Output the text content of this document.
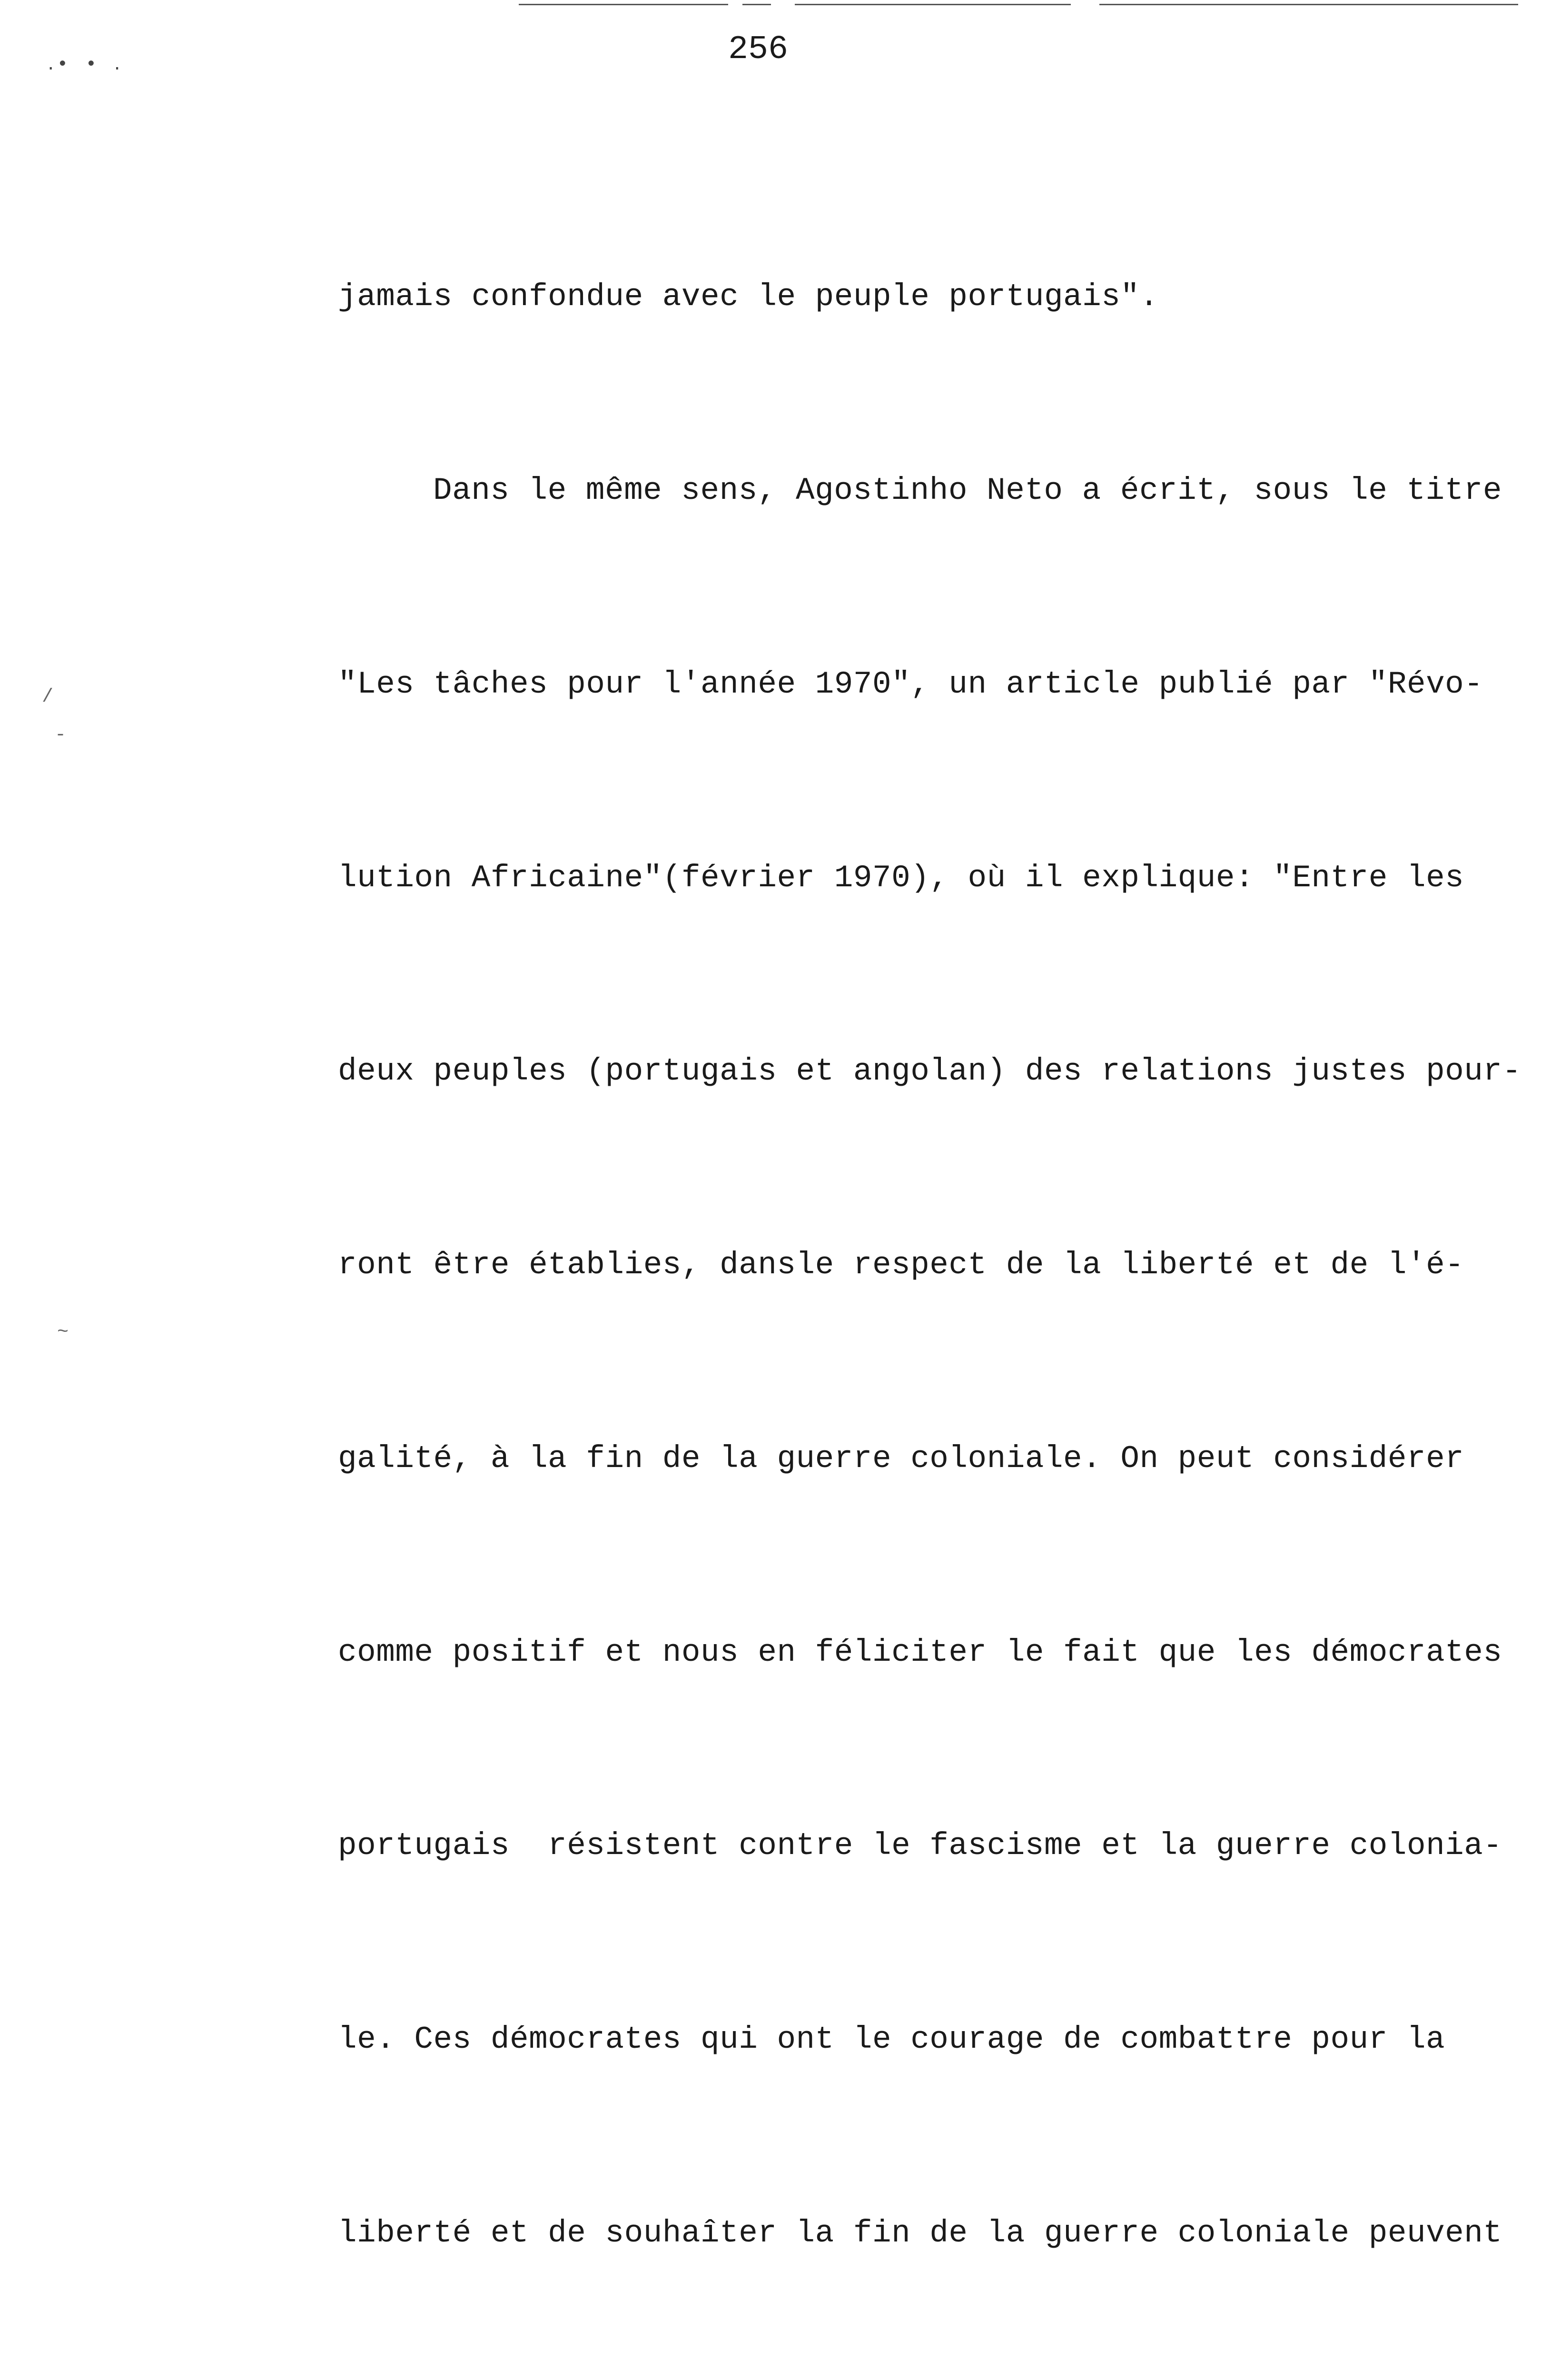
․• • ․
/
-
~
256

jamais confondue avec le peuple portugais".

Dans le même sens, Agostinho Neto a écrit, sous le titre

"Les tâches pour l'année 1970", un article publié par "Révo-

lution Africaine"(février 1970), où il explique: "Entre les

deux peuples (portugais et angolan) des relations justes pour-

ront être établies, dansle respect de la liberté et de l'é-

galité, à la fin de la guerre coloniale. On peut considérer

comme positif et nous en féliciter le fait que les démocrates

portugais  résistent contre le fascisme et la guerre colonia-

le. Ces démocrates qui ont le courage de combattre pour la

liberté et de souhaîter la fin de la guerre coloniale peuvent
